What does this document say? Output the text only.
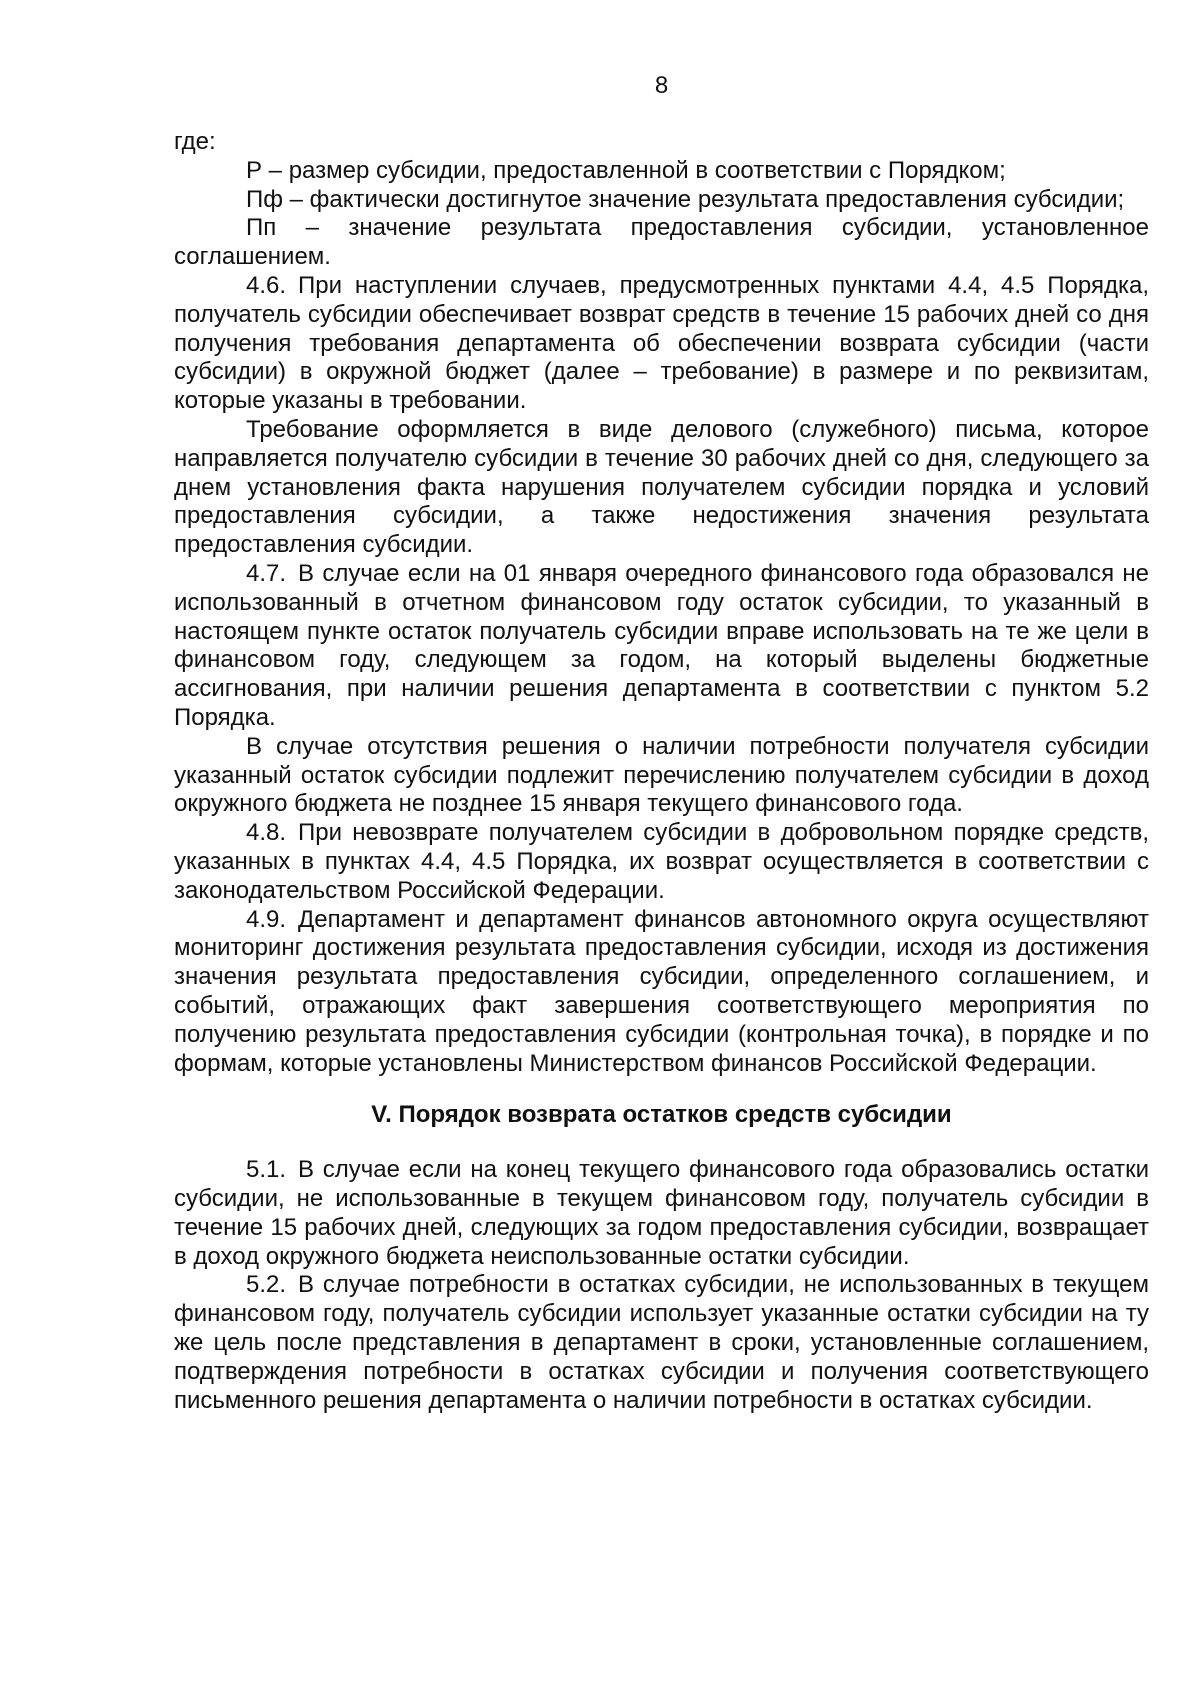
8

где:

Р – размер субсидии, предоставленной в соответствии с Порядком;

Пф – фактически достигнутое значение результата предоставления субсидии;

Пп – значение результата предоставления субсидии, установленное соглашением.

4.6. При наступлении случаев, предусмотренных пунктами 4.4, 4.5 Порядка, получатель субсидии обеспечивает возврат средств в течение 15 рабочих дней со дня получения требования департамента об обеспечении возврата субсидии (части субсидии) в окружной бюджет (далее – требование) в размере и по реквизитам, которые указаны в требовании.

Требование оформляется в виде делового (служебного) письма, которое направляется получателю субсидии в течение 30 рабочих дней со дня, следующего за днем установления факта нарушения получателем субсидии порядка и условий предоставления субсидии, а также недостижения значения результата предоставления субсидии.

4.7. В случае если на 01 января очередного финансового года образовался не использованный в отчетном финансовом году остаток субсидии, то указанный в настоящем пункте остаток получатель субсидии вправе использовать на те же цели в финансовом году, следующем за годом, на который выделены бюджетные ассигнования, при наличии решения департамента в соответствии с пунктом 5.2 Порядка.

В случае отсутствия решения о наличии потребности получателя субсидии указанный остаток субсидии подлежит перечислению получателем субсидии в доход окружного бюджета не позднее 15 января текущего финансового года.

4.8. При невозврате получателем субсидии в добровольном порядке средств, указанных в пунктах 4.4, 4.5 Порядка, их возврат осуществляется в соответствии с законодательством Российской Федерации.

4.9. Департамент и департамент финансов автономного округа осуществляют мониторинг достижения результата предоставления субсидии, исходя из достижения значения результата предоставления субсидии, определенного соглашением, и событий, отражающих факт завершения соответствующего мероприятия по получению результата предоставления субсидии (контрольная точка), в порядке и по формам, которые установлены Министерством финансов Российской Федерации.

V. Порядок возврата остатков средств субсидии

5.1. В случае если на конец текущего финансового года образовались остатки субсидии, не использованные в текущем финансовом году, получатель субсидии в течение 15 рабочих дней, следующих за годом предоставления субсидии, возвращает в доход окружного бюджета неиспользованные остатки субсидии.

5.2. В случае потребности в остатках субсидии, не использованных в текущем финансовом году, получатель субсидии использует указанные остатки субсидии на ту же цель после представления в департамент в сроки, установленные соглашением, подтверждения потребности в остатках субсидии и получения соответствующего письменного решения департамента о наличии потребности в остатках субсидии.
